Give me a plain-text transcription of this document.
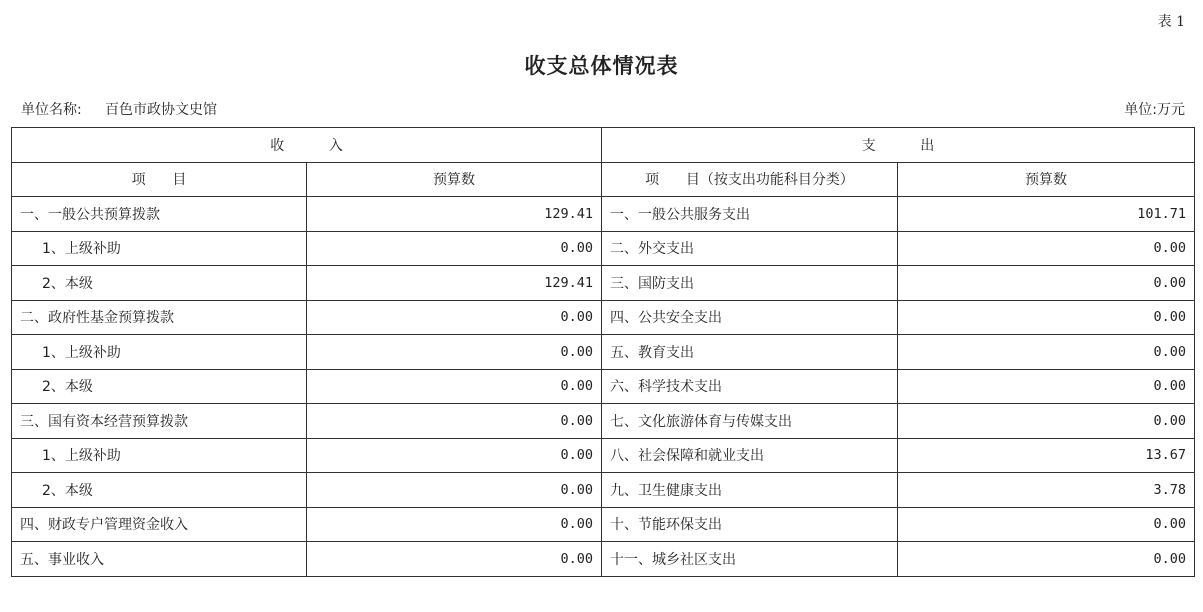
表 1
收支总体情况表
单位名称: 百色市政协文史馆	单位:万元
收          入		支          出	
项      目	预算数	项      目（按支出功能科目分类）	预算数
一、一般公共预算拨款	129.41	一、一般公共服务支出	101.71
1、上级补助	0.00	二、外交支出	0.00
2、本级	129.41	三、国防支出	0.00
二、政府性基金预算拨款	0.00	四、公共安全支出	0.00
1、上级补助	0.00	五、教育支出	0.00
2、本级	0.00	六、科学技术支出	0.00
三、国有资本经营预算拨款	0.00	七、文化旅游体育与传媒支出	0.00
1、上级补助	0.00	八、社会保障和就业支出	13.67
2、本级	0.00	九、卫生健康支出	3.78
四、财政专户管理资金收入	0.00	十、节能环保支出	0.00
五、事业收入	0.00	十一、城乡社区支出	0.00
